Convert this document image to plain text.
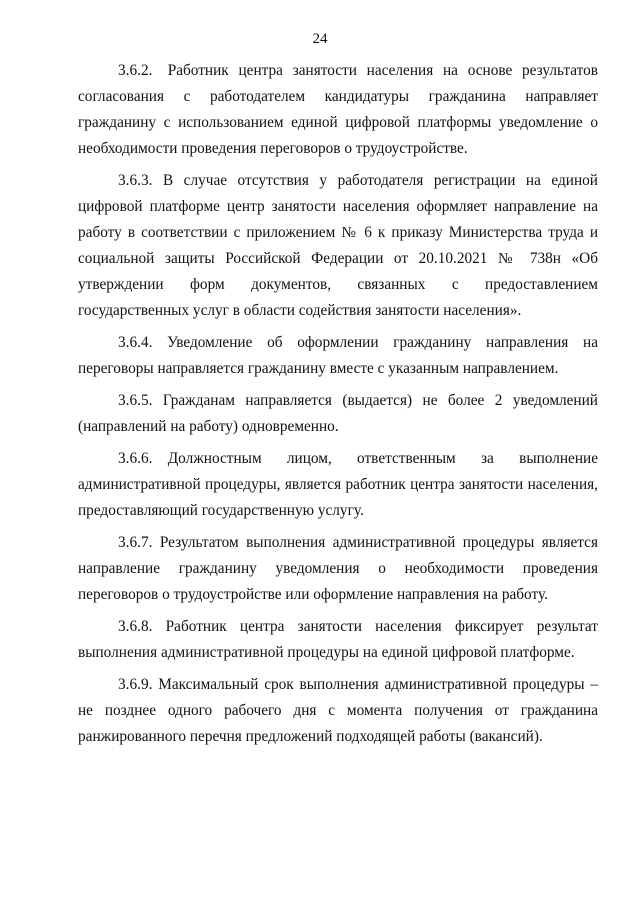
24

3.6.2. Работник центра занятости населения на основе результатов согласования с работодателем кандидатуры гражданина направляет гражданину с использованием единой цифровой платформы уведомление о необходимости проведения переговоров о трудоустройстве.

3.6.3. В случае отсутствия у работодателя регистрации на единой цифровой платформе центр занятости населения оформляет направление на работу в соответствии с приложением № 6 к приказу Министерства труда и социальной защиты Российской Федерации от 20.10.2021 № 738н «Об утверждении форм документов, связанных с предоставлением государственных услуг в области содействия занятости населения».

3.6.4. Уведомление об оформлении гражданину направления на переговоры направляется гражданину вместе с указанным направлением.

3.6.5. Гражданам направляется (выдается) не более 2 уведомлений (направлений на работу) одновременно.

3.6.6. Должностным лицом, ответственным за выполнение административной процедуры, является работник центра занятости населения, предоставляющий государственную услугу.

3.6.7. Результатом выполнения административной процедуры является направление гражданину уведомления о необходимости проведения переговоров о трудоустройстве или оформление направления на работу.

3.6.8. Работник центра занятости населения фиксирует результат выполнения административной процедуры на единой цифровой платформе.

3.6.9. Максимальный срок выполнения административной процедуры – не позднее одного рабочего дня с момента получения от гражданина ранжированного перечня предложений подходящей работы (вакансий).
